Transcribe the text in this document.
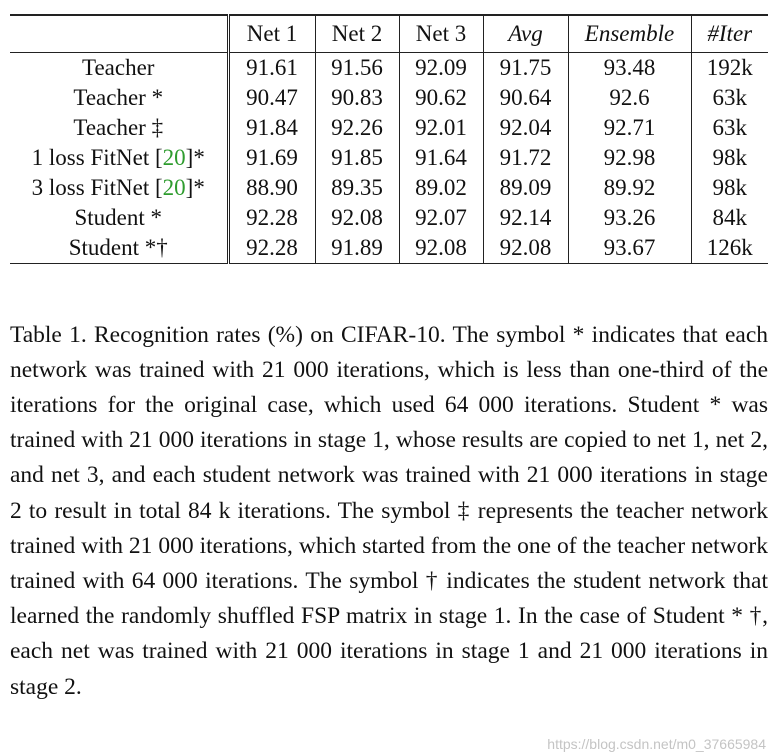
	Net 1	Net 2	Net 3	Avg	Ensemble	#Iter
Teacher	91.61	91.56	92.09	91.75	93.48	192k
Teacher *	90.47	90.83	90.62	90.64	92.6	63k
Teacher ‡	91.84	92.26	92.01	92.04	92.71	63k
1 loss FitNet [20]*	91.69	91.85	91.64	91.72	92.98	98k
3 loss FitNet [20]*	88.90	89.35	89.02	89.09	89.92	98k
Student *	92.28	92.08	92.07	92.14	93.26	84k
Student *†	92.28	91.89	92.08	92.08	93.67	126k

Table 1. Recognition rates (%) on CIFAR-10. The symbol * indicates that each network was trained with 21 000 iterations, which is less than one-third of the iterations for the original case, which used 64 000 iterations. Student * was trained with 21 000 iterations in stage 1, whose results are copied to net 1, net 2, and net 3, and each student network was trained with 21 000 iterations in stage 2 to result in total 84 k iterations. The symbol ‡ represents the teacher network trained with 21 000 iterations, which started from the one of the teacher network trained with 64 000 iterations. The symbol † indicates the student network that learned the randomly shuffled FSP matrix in stage 1. In the case of Student * †, each net was trained with 21 000 iterations in stage 1 and 21 000 iterations in stage 2.

https://blog.csdn.net/m0_37665984
